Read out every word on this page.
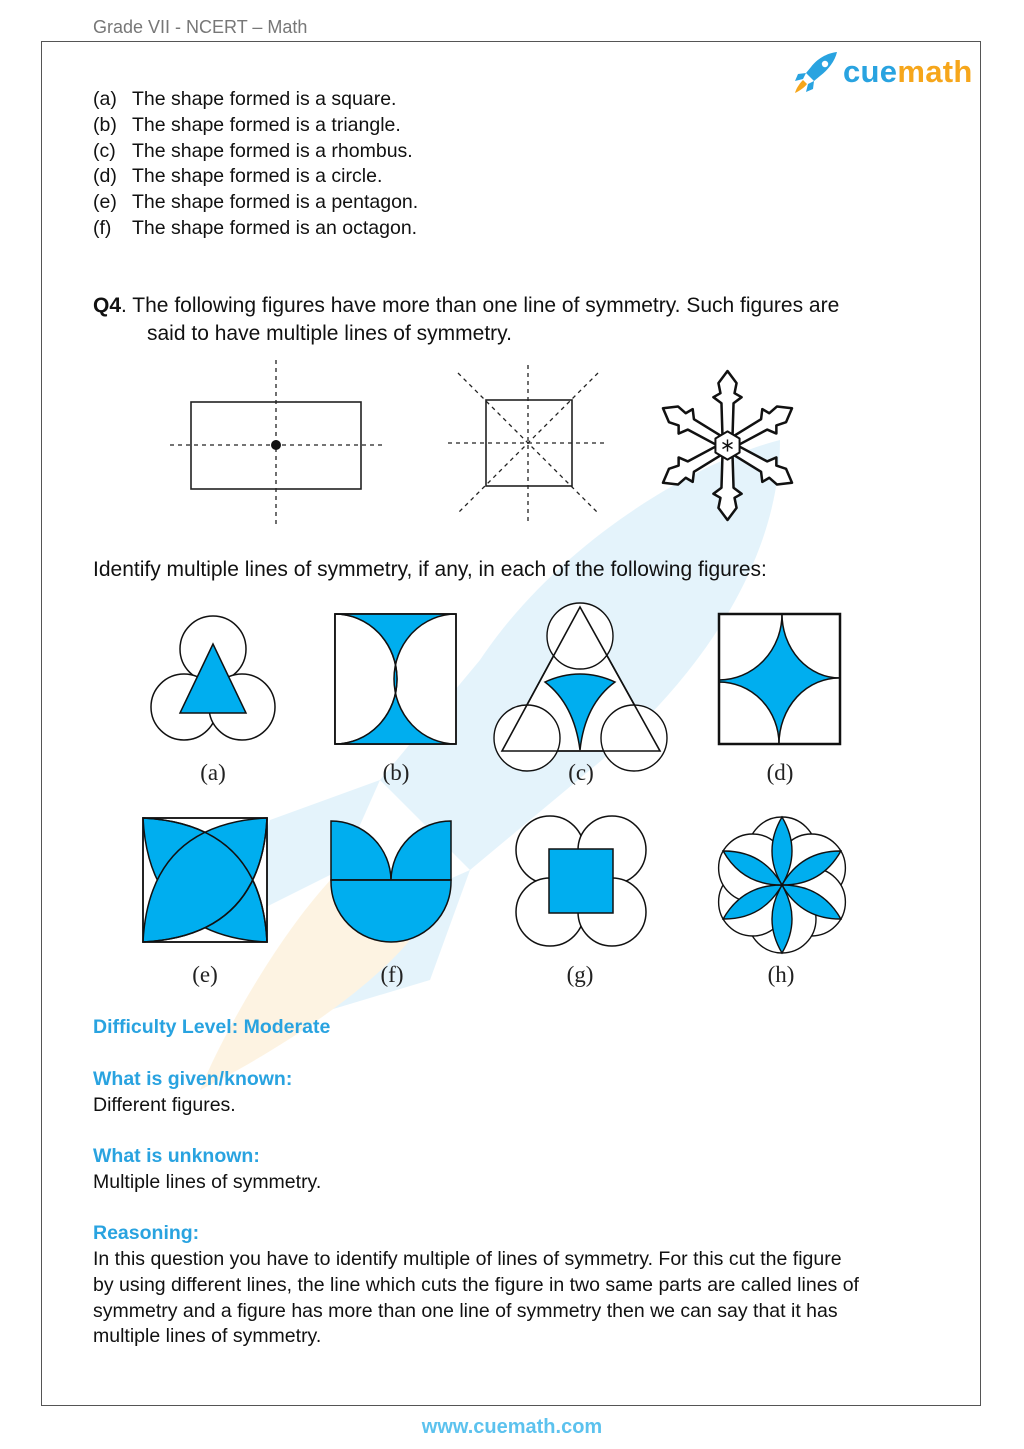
Grade VII - NCERT – Math
cuemath
(a) The shape formed is a square.
(b) The shape formed is a triangle.
(c) The shape formed is a rhombus.
(d) The shape formed is a circle.
(e) The shape formed is a pentagon.
(f)	The shape formed is an octagon.
Q4. The following figures have more than one line of symmetry. Such figures are
said to have multiple lines of symmetry.
Identify multiple lines of symmetry, if any, in each of the following figures:
(a)	(b)	(c)	(d)
(e)	(f)	(g)	(h)
Difficulty Level: Moderate
What is given/known:
Different figures.
What is unknown:
Multiple lines of symmetry.
Reasoning:
In this question you have to identify multiple of lines of symmetry. For this cut the figure
by using different lines, the line which cuts the figure in two same parts are called lines of
symmetry and a figure has more than one line of symmetry then we can say that it has
multiple lines of symmetry.
www.cuemath.com
